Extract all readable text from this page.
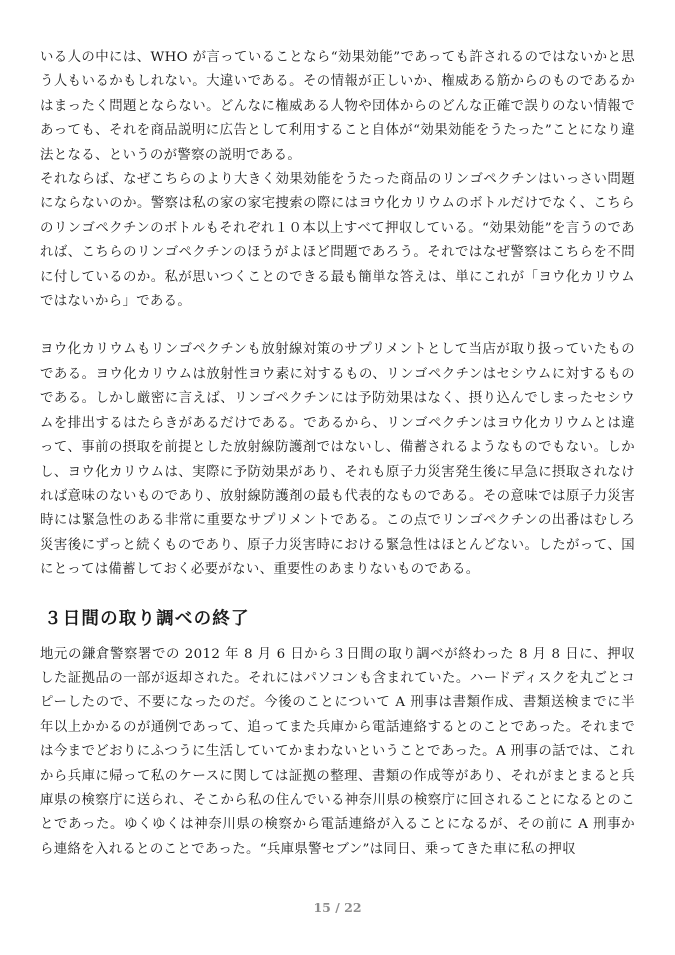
いる人の中には、WHO が言っていることなら“効果効能”であっても許されるのではないかと思う人もいるかもしれない。大違いである。その情報が正しいか、権威ある筋からのものであるかはまったく問題とならない。どんなに権威ある人物や団体からのどんな正確で誤りのない情報であっても、それを商品説明に広告として利用すること自体が“効果効能をうたった”ことになり違法となる、というのが警察の説明である。

それならば、なぜこちらのより大きく効果効能をうたった商品のリンゴペクチンはいっさい問題にならないのか。警察は私の家の家宅捜索の際にはヨウ化カリウムのボトルだけでなく、こちらのリンゴペクチンのボトルもそれぞれ１０本以上すべて押収している。“効果効能”を言うのであれば、こちらのリンゴペクチンのほうがよほど問題であろう。それではなぜ警察はこちらを不問に付しているのか。私が思いつくことのできる最も簡単な答えは、単にこれが「ヨウ化カリウムではないから」である。

ヨウ化カリウムもリンゴペクチンも放射線対策のサプリメントとして当店が取り扱っていたものである。ヨウ化カリウムは放射性ヨウ素に対するもの、リンゴペクチンはセシウムに対するものである。しかし厳密に言えば、リンゴペクチンには予防効果はなく、摂り込んでしまったセシウムを排出するはたらきがあるだけである。であるから、リンゴペクチンはヨウ化カリウムとは違って、事前の摂取を前提とした放射線防護剤ではないし、備蓄されるようなものでもない。しかし、ヨウ化カリウムは、実際に予防効果があり、それも原子力災害発生後に早急に摂取されなければ意味のないものであり、放射線防護剤の最も代表的なものである。その意味では原子力災害時には緊急性のある非常に重要なサプリメントである。この点でリンゴペクチンの出番はむしろ災害後にずっと続くものであり、原子力災害時における緊急性はほとんどない。したがって、国にとっては備蓄しておく必要がない、重要性のあまりないものである。

３日間の取り調べの終了

地元の鎌倉警察署での 2012 年 8 月 6 日から３日間の取り調べが終わった 8 月 8 日に、押収した証拠品の一部が返却された。それにはパソコンも含まれていた。ハードディスクを丸ごとコピーしたので、不要になったのだ。今後のことについて A 刑事は書類作成、書類送検までに半年以上かかるのが通例であって、追ってまた兵庫から電話連絡するとのことであった。それまでは今までどおりにふつうに生活していてかまわないということであった。A 刑事の話では、これから兵庫に帰って私のケースに関しては証拠の整理、書類の作成等があり、それがまとまると兵庫県の検察庁に送られ、そこから私の住んでいる神奈川県の検察庁に回されることになるとのことであった。ゆくゆくは神奈川県の検察から電話連絡が入ることになるが、その前に A 刑事から連絡を入れるとのことであった。“兵庫県警セブン”は同日、乗ってきた車に私の押収

15 / 22
